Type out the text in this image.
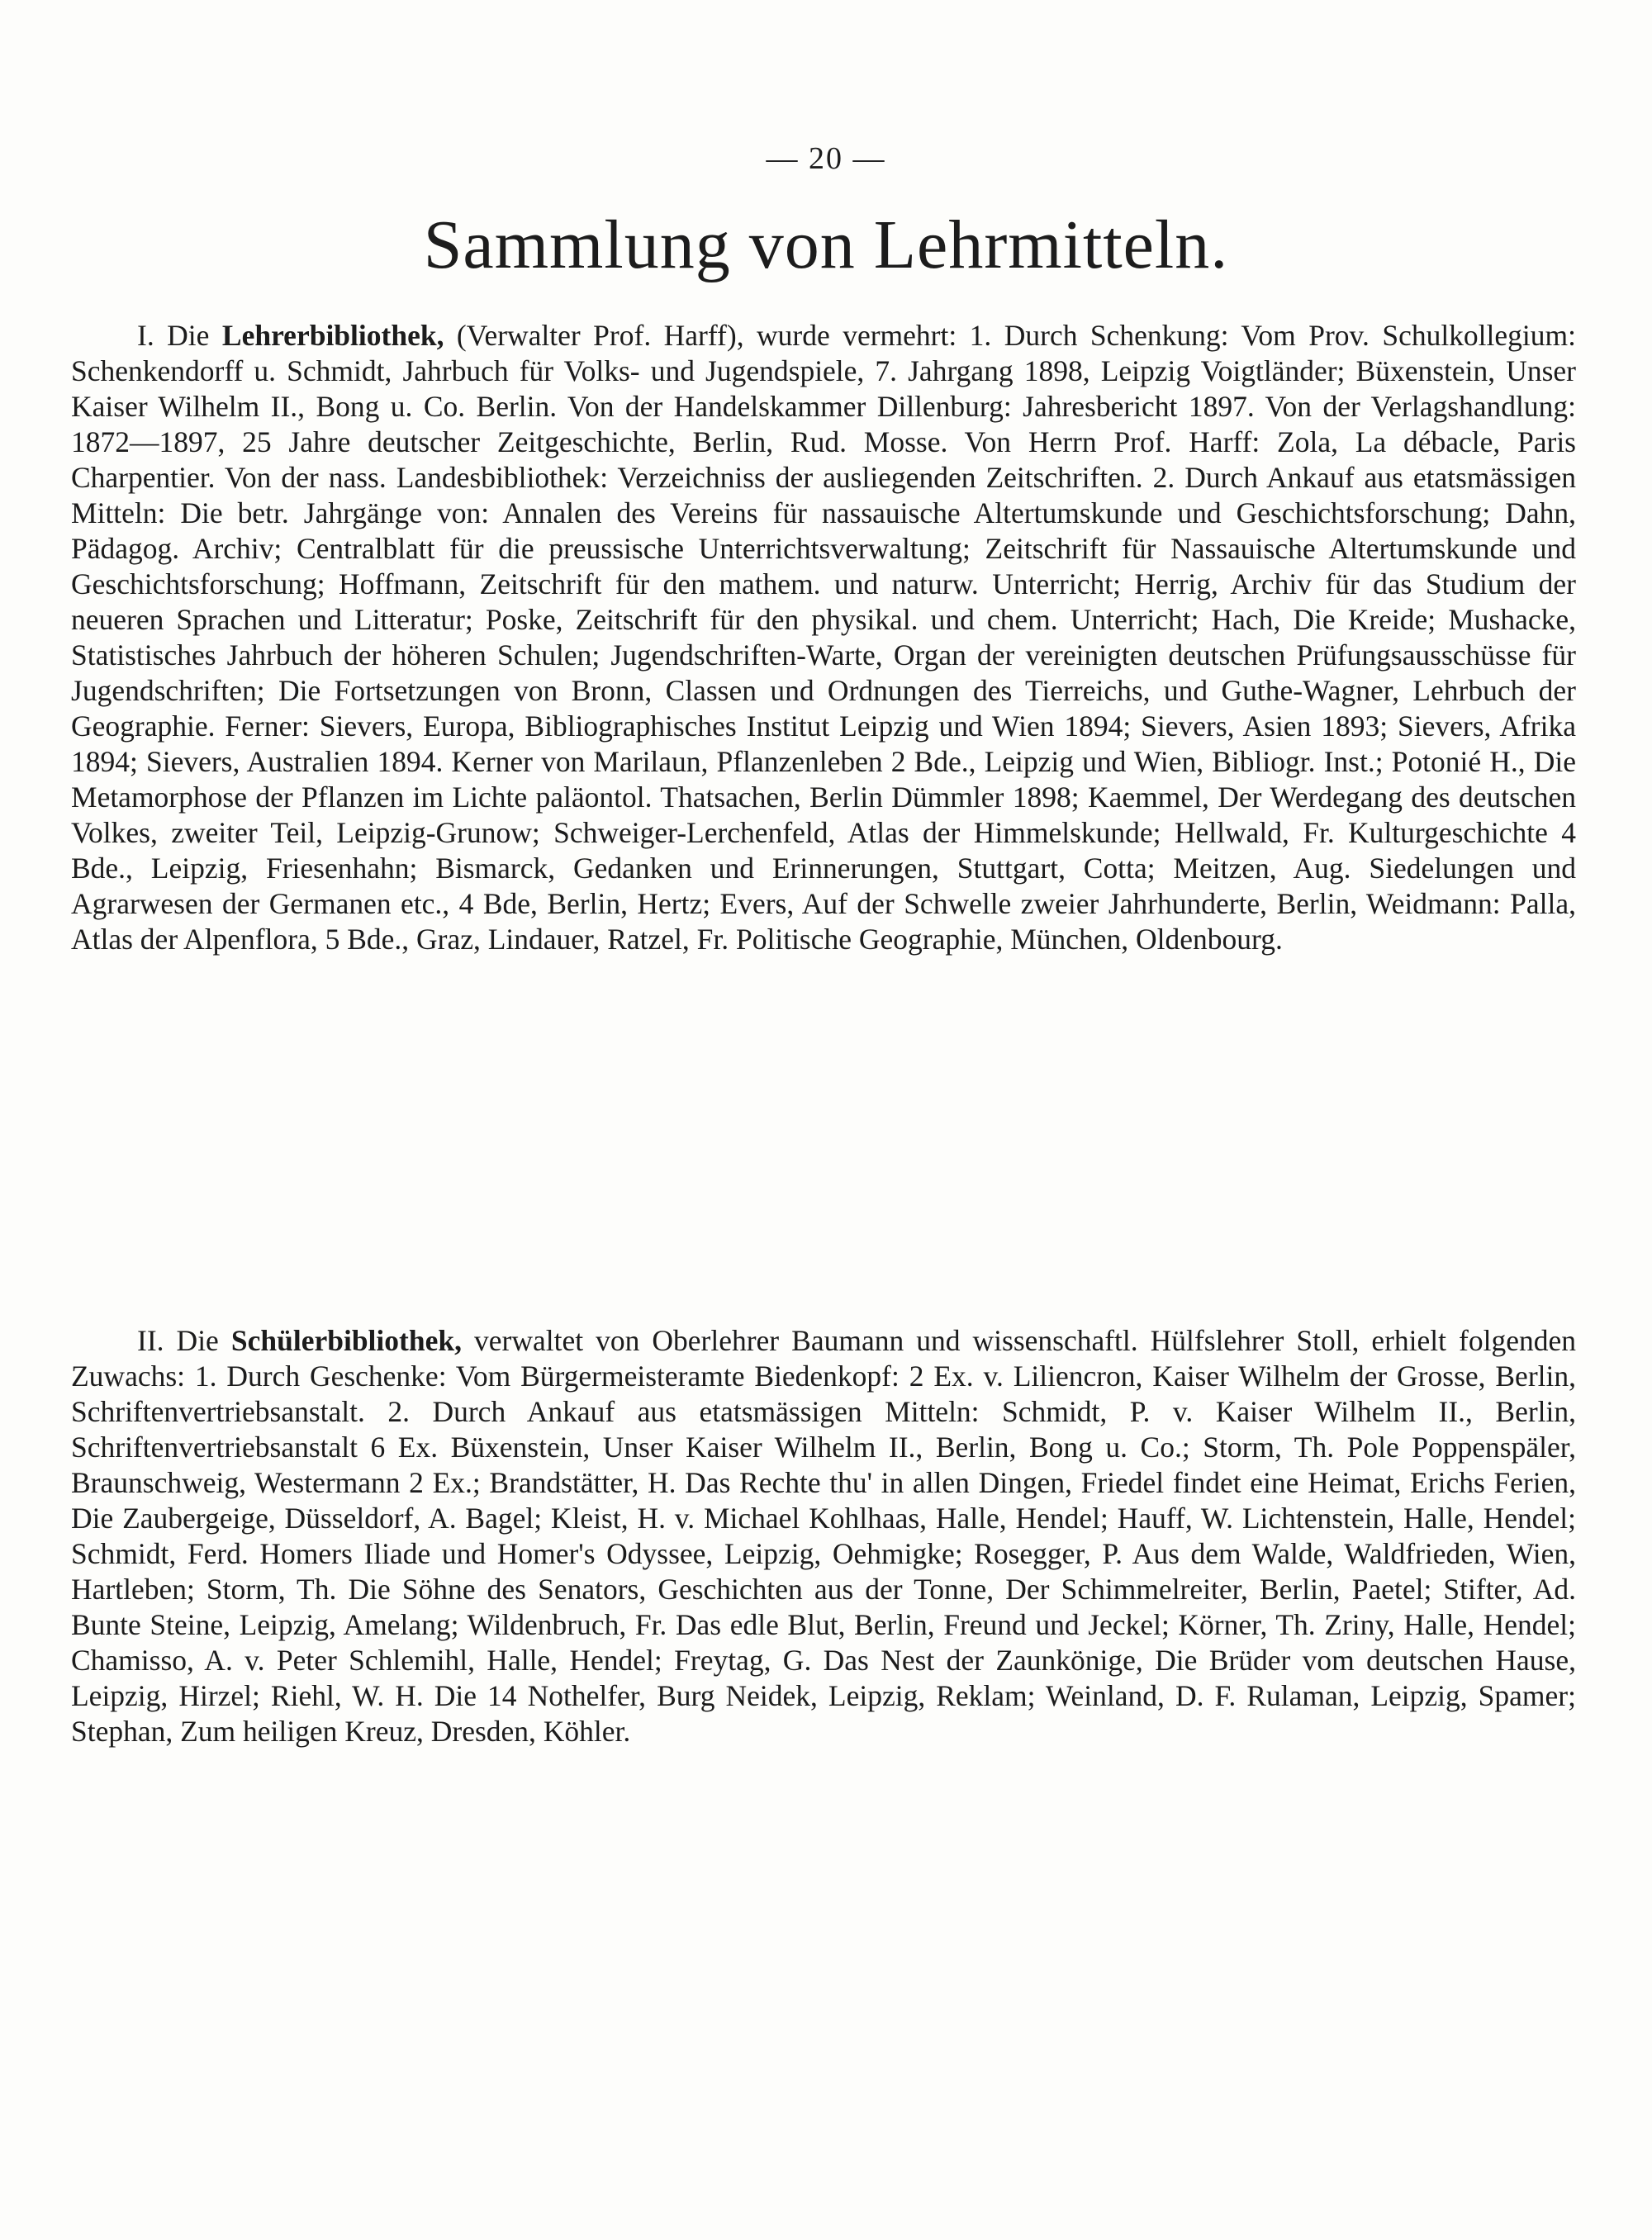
— 20 —
Sammlung von Lehrmitteln.

I. Die Lehrerbibliothek, (Verwalter Prof. Harff), wurde vermehrt: 1. Durch Schenkung: Vom Prov. Schulkollegium: Schenkendorff u. Schmidt, Jahrbuch für Volks- und Jugendspiele, 7. Jahrgang 1898, Leipzig Voigtländer; Büxenstein, Unser Kaiser Wilhelm II., Bong u. Co. Berlin. Von der Handelskammer Dillenburg: Jahresbericht 1897. Von der Verlagshandlung: 1872—1897, 25 Jahre deutscher Zeitgeschichte, Berlin, Rud. Mosse. Von Herrn Prof. Harff: Zola, La débacle, Paris Charpentier. Von der nass. Landesbibliothek: Verzeichniss der ausliegenden Zeitschriften. 2. Durch Ankauf aus etatsmässigen Mitteln: Die betr. Jahrgänge von: Annalen des Vereins für nassauische Altertumskunde und Geschichtsforschung; Dahn, Pädagog. Archiv; Centralblatt für die preussische Unterrichtsverwaltung; Zeitschrift für Nassauische Altertumskunde und Geschichtsforschung; Hoffmann, Zeitschrift für den mathem. und naturw. Unterricht; Herrig, Archiv für das Studium der neueren Sprachen und Litteratur; Poske, Zeitschrift für den physikal. und chem. Unterricht; Hach, Die Kreide; Mushacke, Statistisches Jahrbuch der höheren Schulen; Jugendschriften-Warte, Organ der vereinigten deutschen Prüfungsausschüsse für Jugendschriften; Die Fortsetzungen von Bronn, Classen und Ordnungen des Tierreichs, und Guthe-Wagner, Lehrbuch der Geographie. Ferner: Sievers, Europa, Bibliographisches Institut Leipzig und Wien 1894; Sievers, Asien 1893; Sievers, Afrika 1894; Sievers, Australien 1894. Kerner von Marilaun, Pflanzenleben 2 Bde., Leipzig und Wien, Bibliogr. Inst.; Potonié H., Die Metamorphose der Pflanzen im Lichte paläontol. Thatsachen, Berlin Dümmler 1898; Kaemmel, Der Werdegang des deutschen Volkes, zweiter Teil, Leipzig-Grunow; Schweiger-Lerchenfeld, Atlas der Himmelskunde; Hellwald, Fr. Kulturgeschichte 4 Bde., Leipzig, Friesenhahn; Bismarck, Gedanken und Erinnerungen, Stuttgart, Cotta; Meitzen, Aug. Siedelungen und Agrarwesen der Germanen etc., 4 Bde, Berlin, Hertz; Evers, Auf der Schwelle zweier Jahrhunderte, Berlin, Weidmann: Palla, Atlas der Alpenflora, 5 Bde., Graz, Lindauer, Ratzel, Fr. Politische Geographie, München, Oldenbourg.

II. Die Schülerbibliothek, verwaltet von Oberlehrer Baumann und wissenschaftl. Hülfslehrer Stoll, erhielt folgenden Zuwachs: 1. Durch Geschenke: Vom Bürgermeisteramte Biedenkopf: 2 Ex. v. Liliencron, Kaiser Wilhelm der Grosse, Berlin, Schriftenvertriebsanstalt. 2. Durch Ankauf aus etatsmässigen Mitteln: Schmidt, P. v. Kaiser Wilhelm II., Berlin, Schriftenvertriebsanstalt 6 Ex. Büxenstein, Unser Kaiser Wilhelm II., Berlin, Bong u. Co.; Storm, Th. Pole Poppenspäler, Braunschweig, Westermann 2 Ex.; Brandstätter, H. Das Rechte thu' in allen Dingen, Friedel findet eine Heimat, Erichs Ferien, Die Zaubergeige, Düsseldorf, A. Bagel; Kleist, H. v. Michael Kohlhaas, Halle, Hendel; Hauff, W. Lichtenstein, Halle, Hendel; Schmidt, Ferd. Homers Iliade und Homer's Odyssee, Leipzig, Oehmigke; Rosegger, P. Aus dem Walde, Waldfrieden, Wien, Hartleben; Storm, Th. Die Söhne des Senators, Geschichten aus der Tonne, Der Schimmelreiter, Berlin, Paetel; Stifter, Ad. Bunte Steine, Leipzig, Amelang; Wildenbruch, Fr. Das edle Blut, Berlin, Freund und Jeckel; Körner, Th. Zriny, Halle, Hendel; Chamisso, A. v. Peter Schlemihl, Halle, Hendel; Freytag, G. Das Nest der Zaunkönige, Die Brüder vom deutschen Hause, Leipzig, Hirzel; Riehl, W. H. Die 14 Nothelfer, Burg Neidek, Leipzig, Reklam; Weinland, D. F. Rulaman, Leipzig, Spamer; Stephan, Zum heiligen Kreuz, Dresden, Köhler.
